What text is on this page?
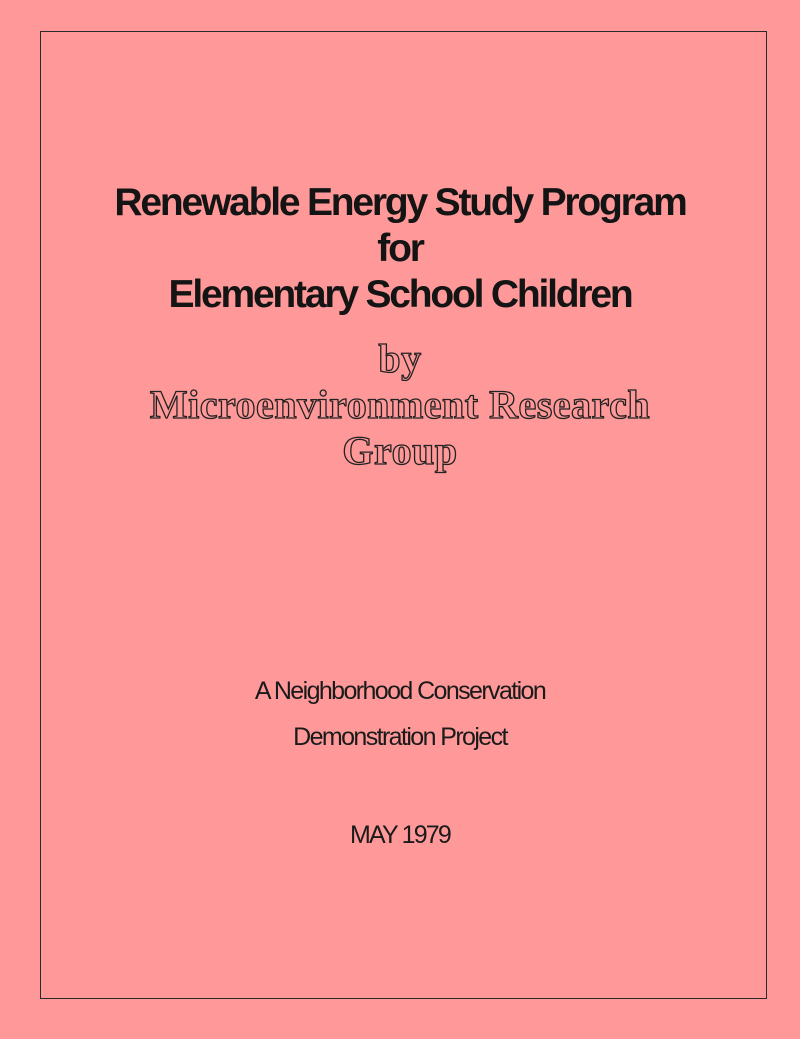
Renewable Energy Study Program
for
Elementary School Children
by
Microenvironment Research
Group
A Neighborhood Conservation
Demonstration Project
MAY 1979
